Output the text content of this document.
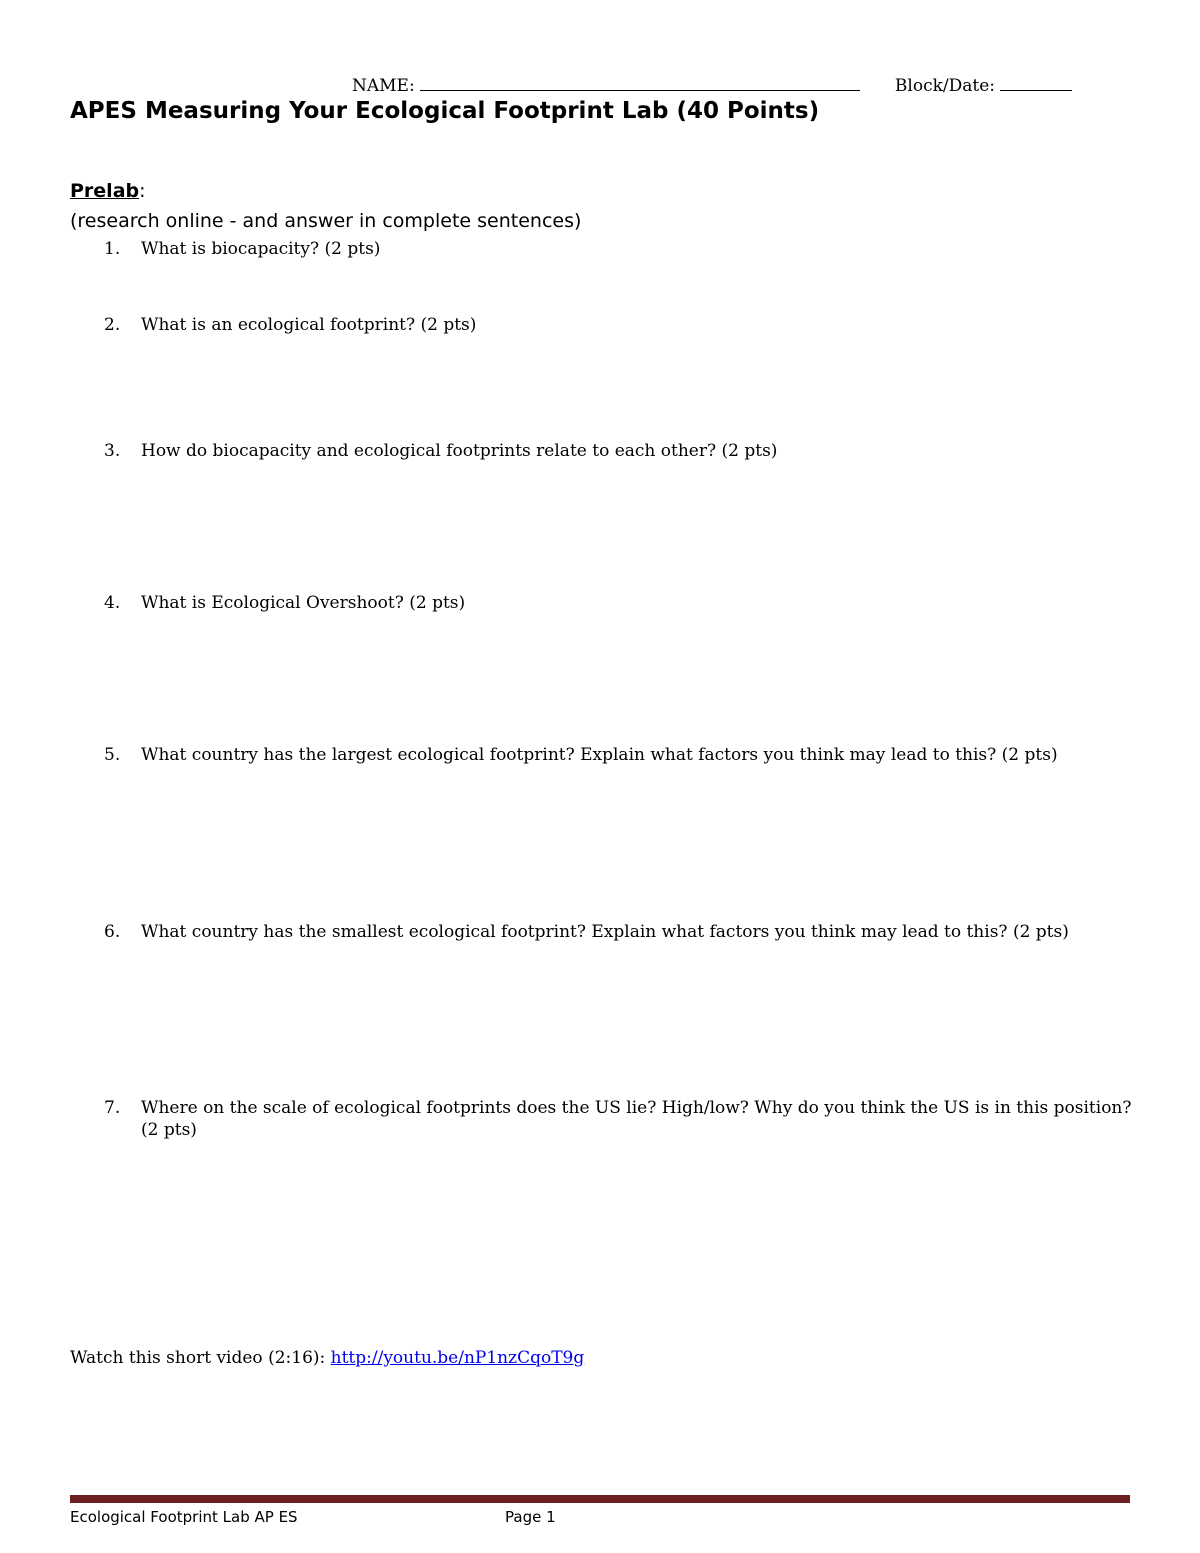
NAME:	Block/Date:
APES Measuring Your Ecological Footprint Lab (40 Points)
Prelab:
(research online - and answer in complete sentences)
1.	What is biocapacity? (2 pts)
2.	What is an ecological footprint? (2 pts)
3.	How do biocapacity and ecological footprints relate to each other? (2 pts)
4.	What is Ecological Overshoot? (2 pts)
5.	What country has the largest ecological footprint? Explain what factors you think may lead to this? (2 pts)
6.	What country has the smallest ecological footprint? Explain what factors you think may lead to this? (2 pts)
7.	Where on the scale of ecological footprints does the US lie? High/low? Why do you think the US is in this position? (2 pts)
Watch this short video (2:16): http://youtu.be/nP1nzCqoT9g
Ecological Footprint Lab AP ES	Page 1
